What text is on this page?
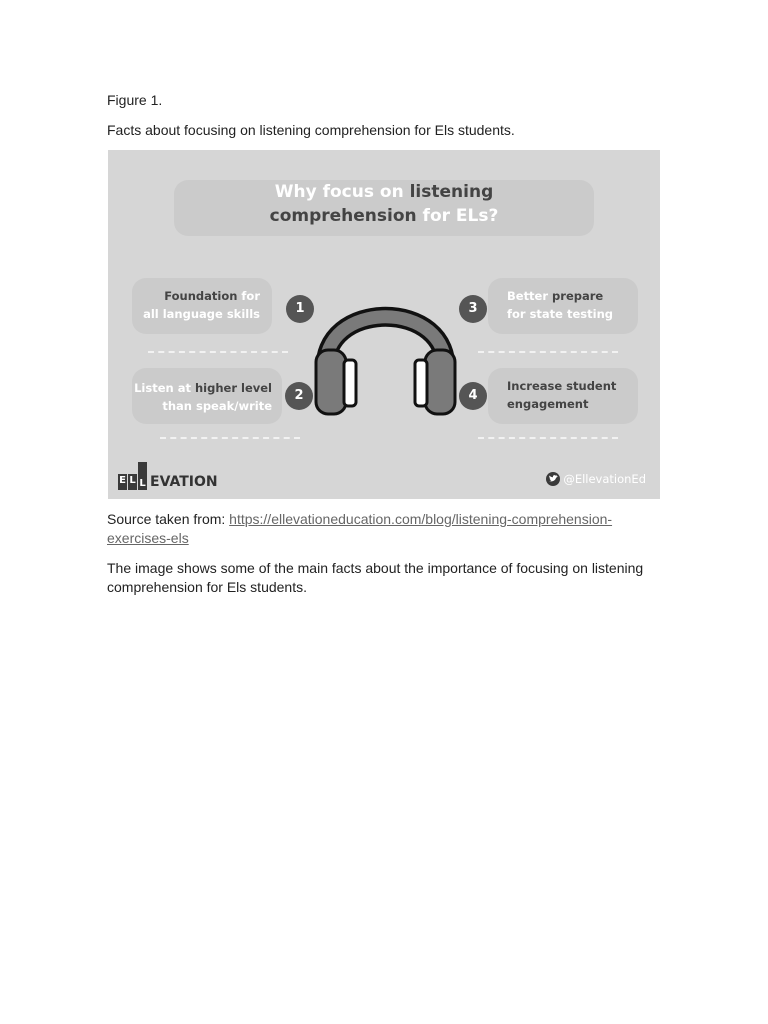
Figure 1.

Facts about focusing on listening comprehension for Els students.

Why focus on listening
comprehension for ELs?
Foundation for
all language skills	1
Listen at higher level
than speak/write
2
3
Better prepare
for state testing
4
Increase student
engagement
E L L EVATION	@EllevationEd

Source taken from: https://ellevationeducation.com/blog/listening-comprehension-exercises-els

The image shows some of the main facts about the importance of focusing on listening comprehension for Els students.
